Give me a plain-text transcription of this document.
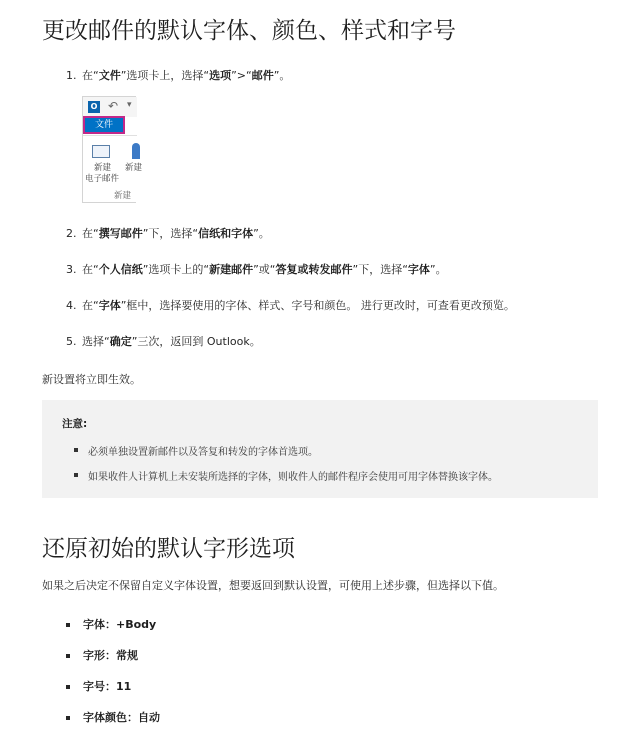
更改邮件的默认字体、颜色、样式和字号
1. 在“文件”选项卡上，选择“选项”>“邮件”。
O ↶ ▾
文件
新建
电子邮件
新建
新建
2. 在“撰写邮件”下，选择“信纸和字体”。
3. 在“个人信纸”选项卡上的“新建邮件”或“答复或转发邮件”下，选择“字体”。
4. 在“字体”框中，选择要使用的字体、样式、字号和颜色。 进行更改时，可查看更改预览。
5. 选择“确定”三次，返回到 Outlook。
新设置将立即生效。
注意:
必须单独设置新邮件以及答复和转发的字体首选项。
如果收件人计算机上未安装所选择的字体，则收件人的邮件程序会使用可用字体替换该字体。
还原初始的默认字形选项
如果之后决定不保留自定义字体设置，想要返回到默认设置，可使用上述步骤，但选择以下值。
字体：+Body
字形：常规
字号：11
字体颜色：自动
